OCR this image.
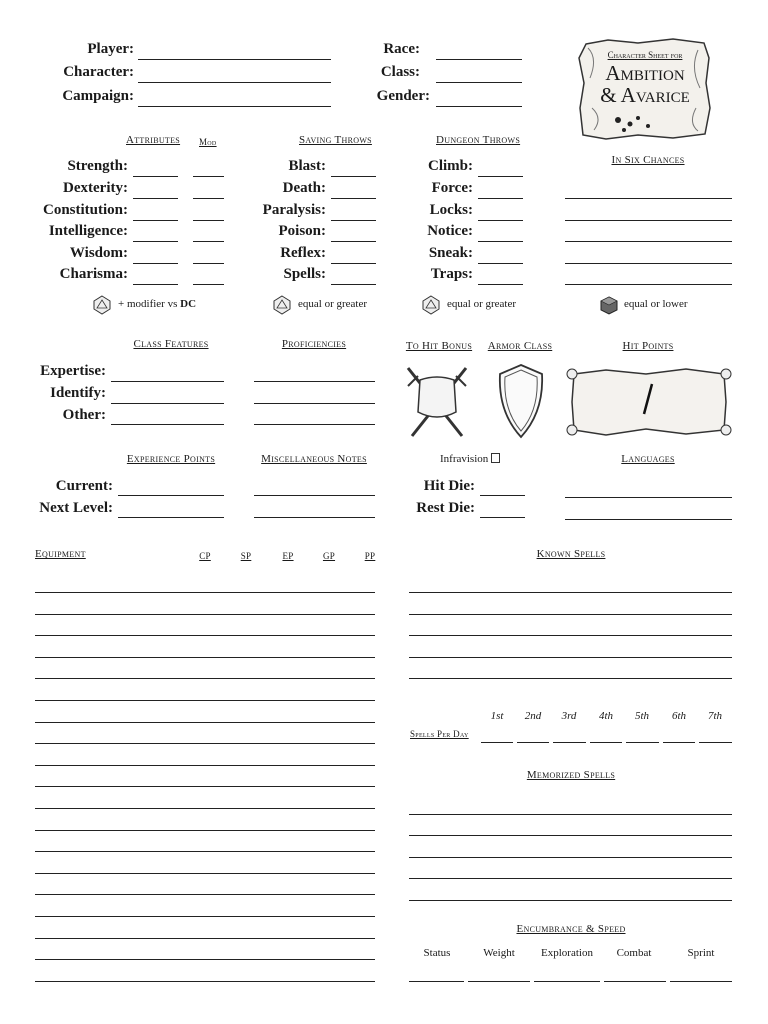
Player:
Character:
Campaign:
Race:
Class:
Gender:
Character Sheet for
Ambition
& Avarice
Attributes Mod
Strength:
Dexterity:
Constitution:
Intelligence:
Wisdom:
Charisma:
+ modifier vs DC
Saving Throws
Blast:
Death:
Paralysis:
Poison:
Reflex:
Spells:
equal or greater
Dungeon Throws
Climb:
Force:
Locks:
Notice:
Sneak:
Traps:
equal or greater
In Six Chances
equal or lower
Class Features
Expertise:
Identify:
Other:
Proficiencies	To Hit Bonus Armor Class	Hit Points
Experience Points
Current:
Next Level:
Miscellaneous Notes	Infravision
Hit Die:
Rest Die:
Languages
Equipment	CP	SP	EP	GP	PP	Known Spells
Spells Per Day
1st	2nd	3rd	4th	5th	6th	7th
Memorized Spells
Encumbrance & Speed
Status	Weight	Exploration	Combat	Sprint
